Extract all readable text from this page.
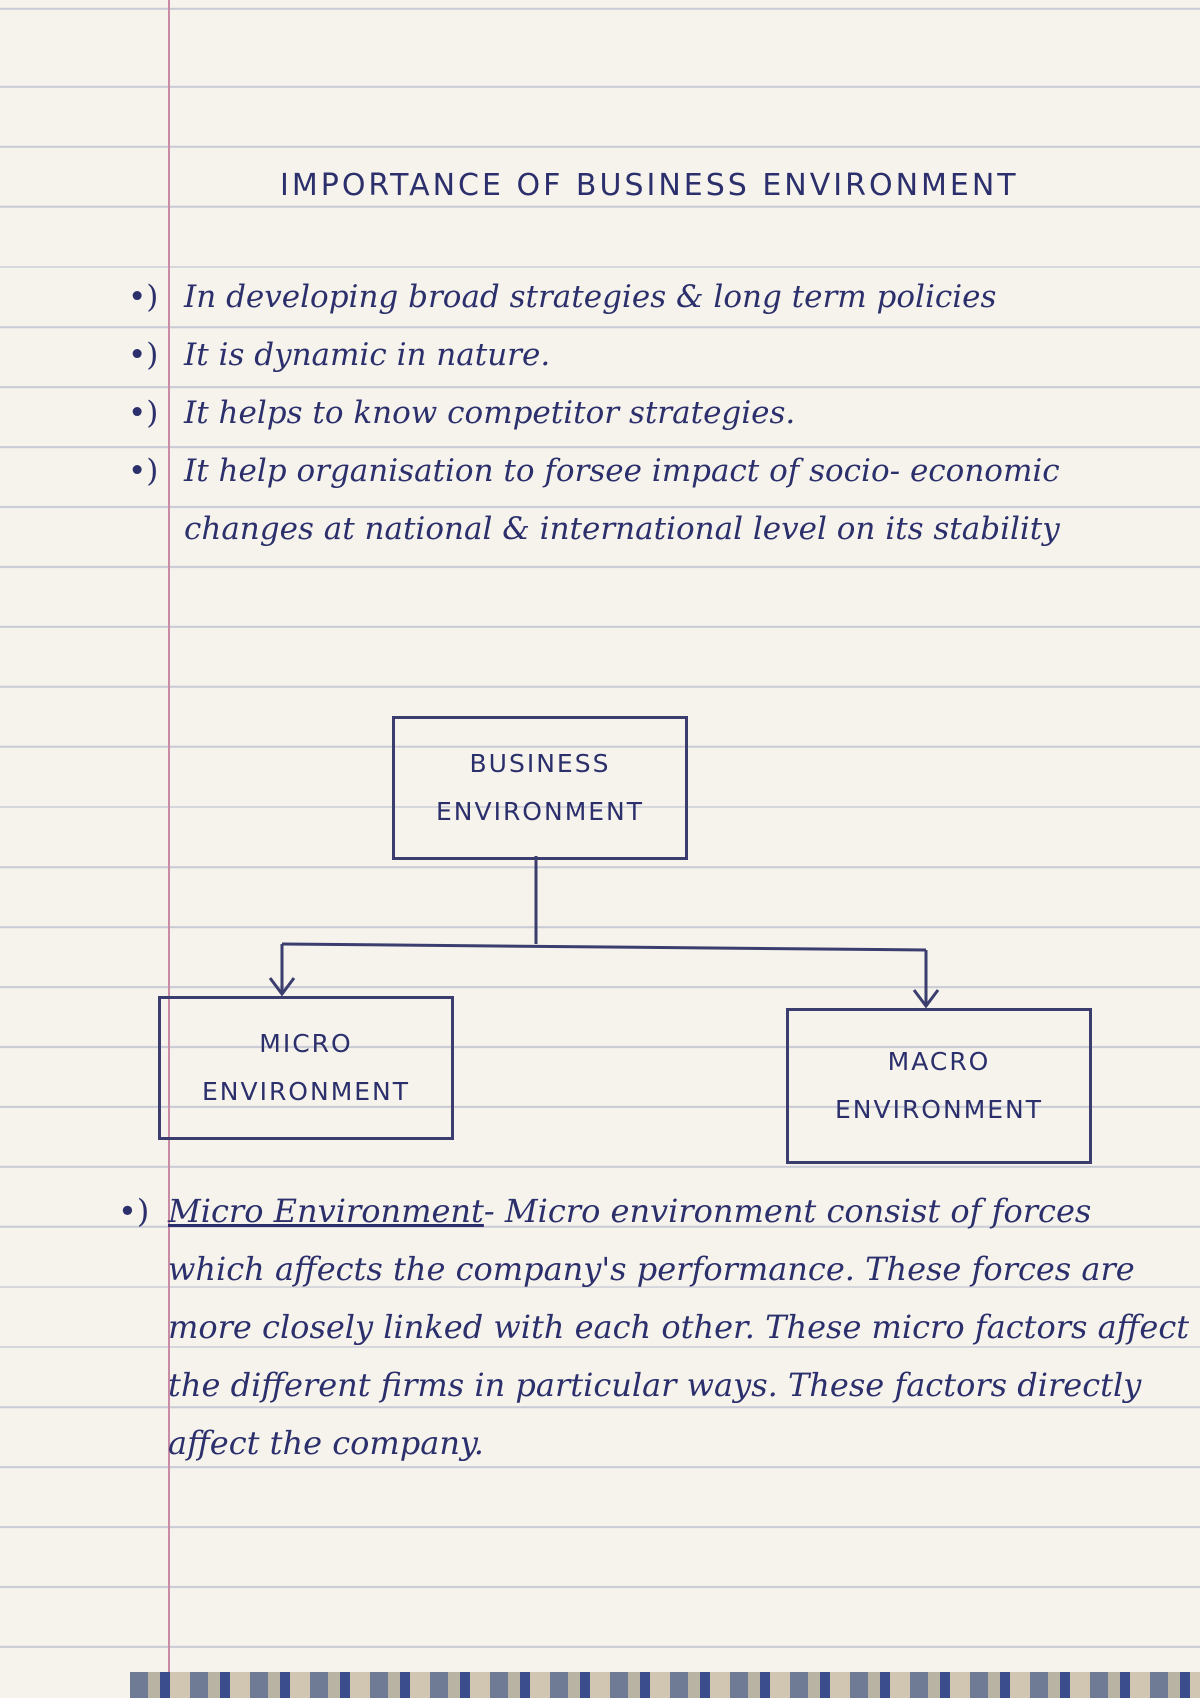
IMPORTANCE OF BUSINESS ENVIRONMENT
•) In developing broad strategies & long term policies
•) It is dynamic in nature.
•) It helps to know competitor strategies.
•) It help organisation to forsee impact of socio- economic changes at national & international level on its stability
BUSINESS
ENVIRONMENT
MICRO
ENVIRONMENT
MACRO
ENVIRONMENT
•) Micro Environment- Micro environment consist of forces which affects the company's performance. These forces are more closely linked with each other. These micro factors affect the different firms in particular ways. These factors directly affect the company.
